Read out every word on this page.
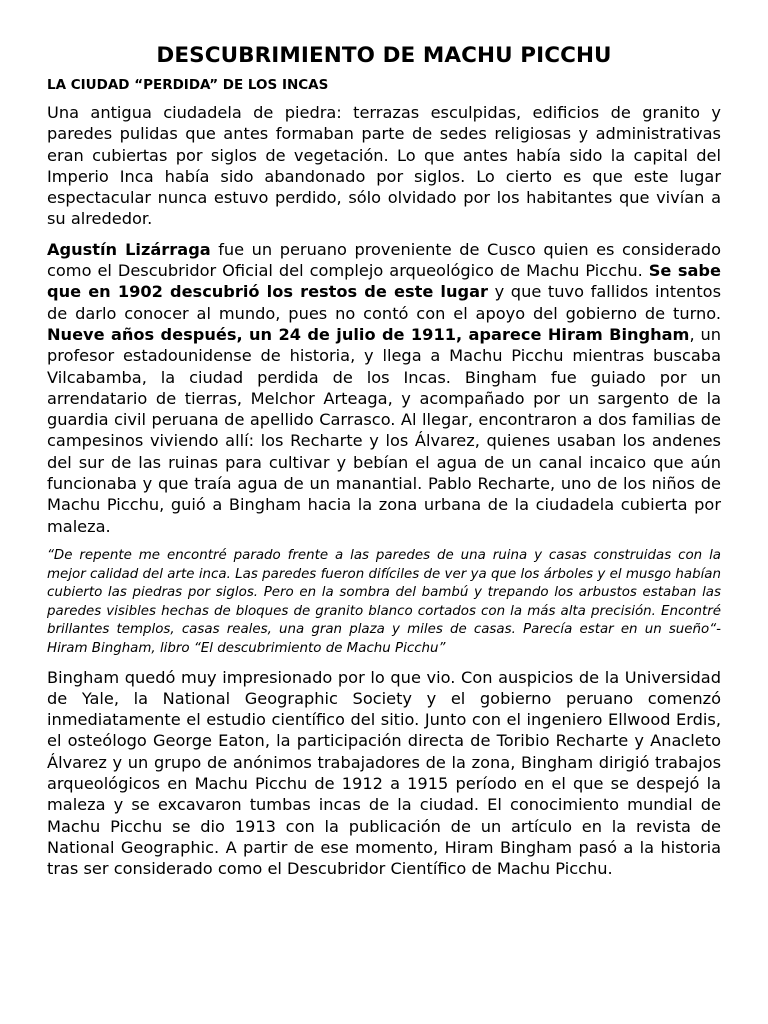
DESCUBRIMIENTO DE MACHU PICCHU
LA CIUDAD “PERDIDA” DE LOS INCAS

Una antigua ciudadela de piedra: terrazas esculpidas, edificios de granito y paredes pulidas que antes formaban parte de sedes religiosas y administrativas eran cubiertas por siglos de vegetación. Lo que antes había sido la capital del Imperio Inca había sido abandonado por siglos. Lo cierto es que este lugar espectacular nunca estuvo perdido, sólo olvidado por los habitantes que vivían a su alrededor.

Agustín Lizárraga fue un peruano proveniente de Cusco quien es considerado como el Descubridor Oficial del complejo arqueológico de Machu Picchu. Se sabe que en 1902 descubrió los restos de este lugar y que tuvo fallidos intentos de darlo conocer al mundo, pues no contó con el apoyo del gobierno de turno. Nueve años después, un 24 de julio de 1911, aparece Hiram Bingham, un profesor estadounidense de historia, y llega a Machu Picchu mientras buscaba Vilcabamba, la ciudad perdida de los Incas. Bingham fue guiado por un arrendatario de tierras, Melchor Arteaga, y acompañado por un sargento de la guardia civil peruana de apellido Carrasco. Al llegar, encontraron a dos familias de campesinos viviendo allí: los Recharte y los Álvarez, quienes usaban los andenes del sur de las ruinas para cultivar y bebían el agua de un canal incaico que aún funcionaba y que traía agua de un manantial. Pablo Recharte, uno de los niños de Machu Picchu, guió a Bingham hacia la zona urbana de la ciudadela cubierta por maleza.

“De repente me encontré parado frente a las paredes de una ruina y casas construidas con la mejor calidad del arte inca. Las paredes fueron difíciles de ver ya que los árboles y el musgo habían cubierto las piedras por siglos. Pero en la sombra del bambú y trepando los arbustos estaban las paredes visibles hechas de bloques de granito blanco cortados con la más alta precisión. Encontré brillantes templos, casas reales, una gran plaza y miles de casas. Parecía estar en un sueño“- Hiram Bingham, libro “El descubrimiento de Machu Picchu”

Bingham quedó muy impresionado por lo que vio. Con auspicios de la Universidad de Yale, la National Geographic Society y el gobierno peruano comenzó inmediatamente el estudio científico del sitio. Junto con el ingeniero Ellwood Erdis, el osteólogo George Eaton, la participación directa de Toribio Recharte y Anacleto Álvarez y un grupo de anónimos trabajadores de la zona, Bingham dirigió trabajos arqueológicos en Machu Picchu de 1912 a 1915 período en el que se despejó la maleza y se excavaron tumbas incas de la ciudad. El conocimiento mundial de Machu Picchu se dio 1913 con la publicación de un artículo en la revista de National Geographic. A partir de ese momento, Hiram Bingham pasó a la historia tras ser considerado como el Descubridor Científico de Machu Picchu.
